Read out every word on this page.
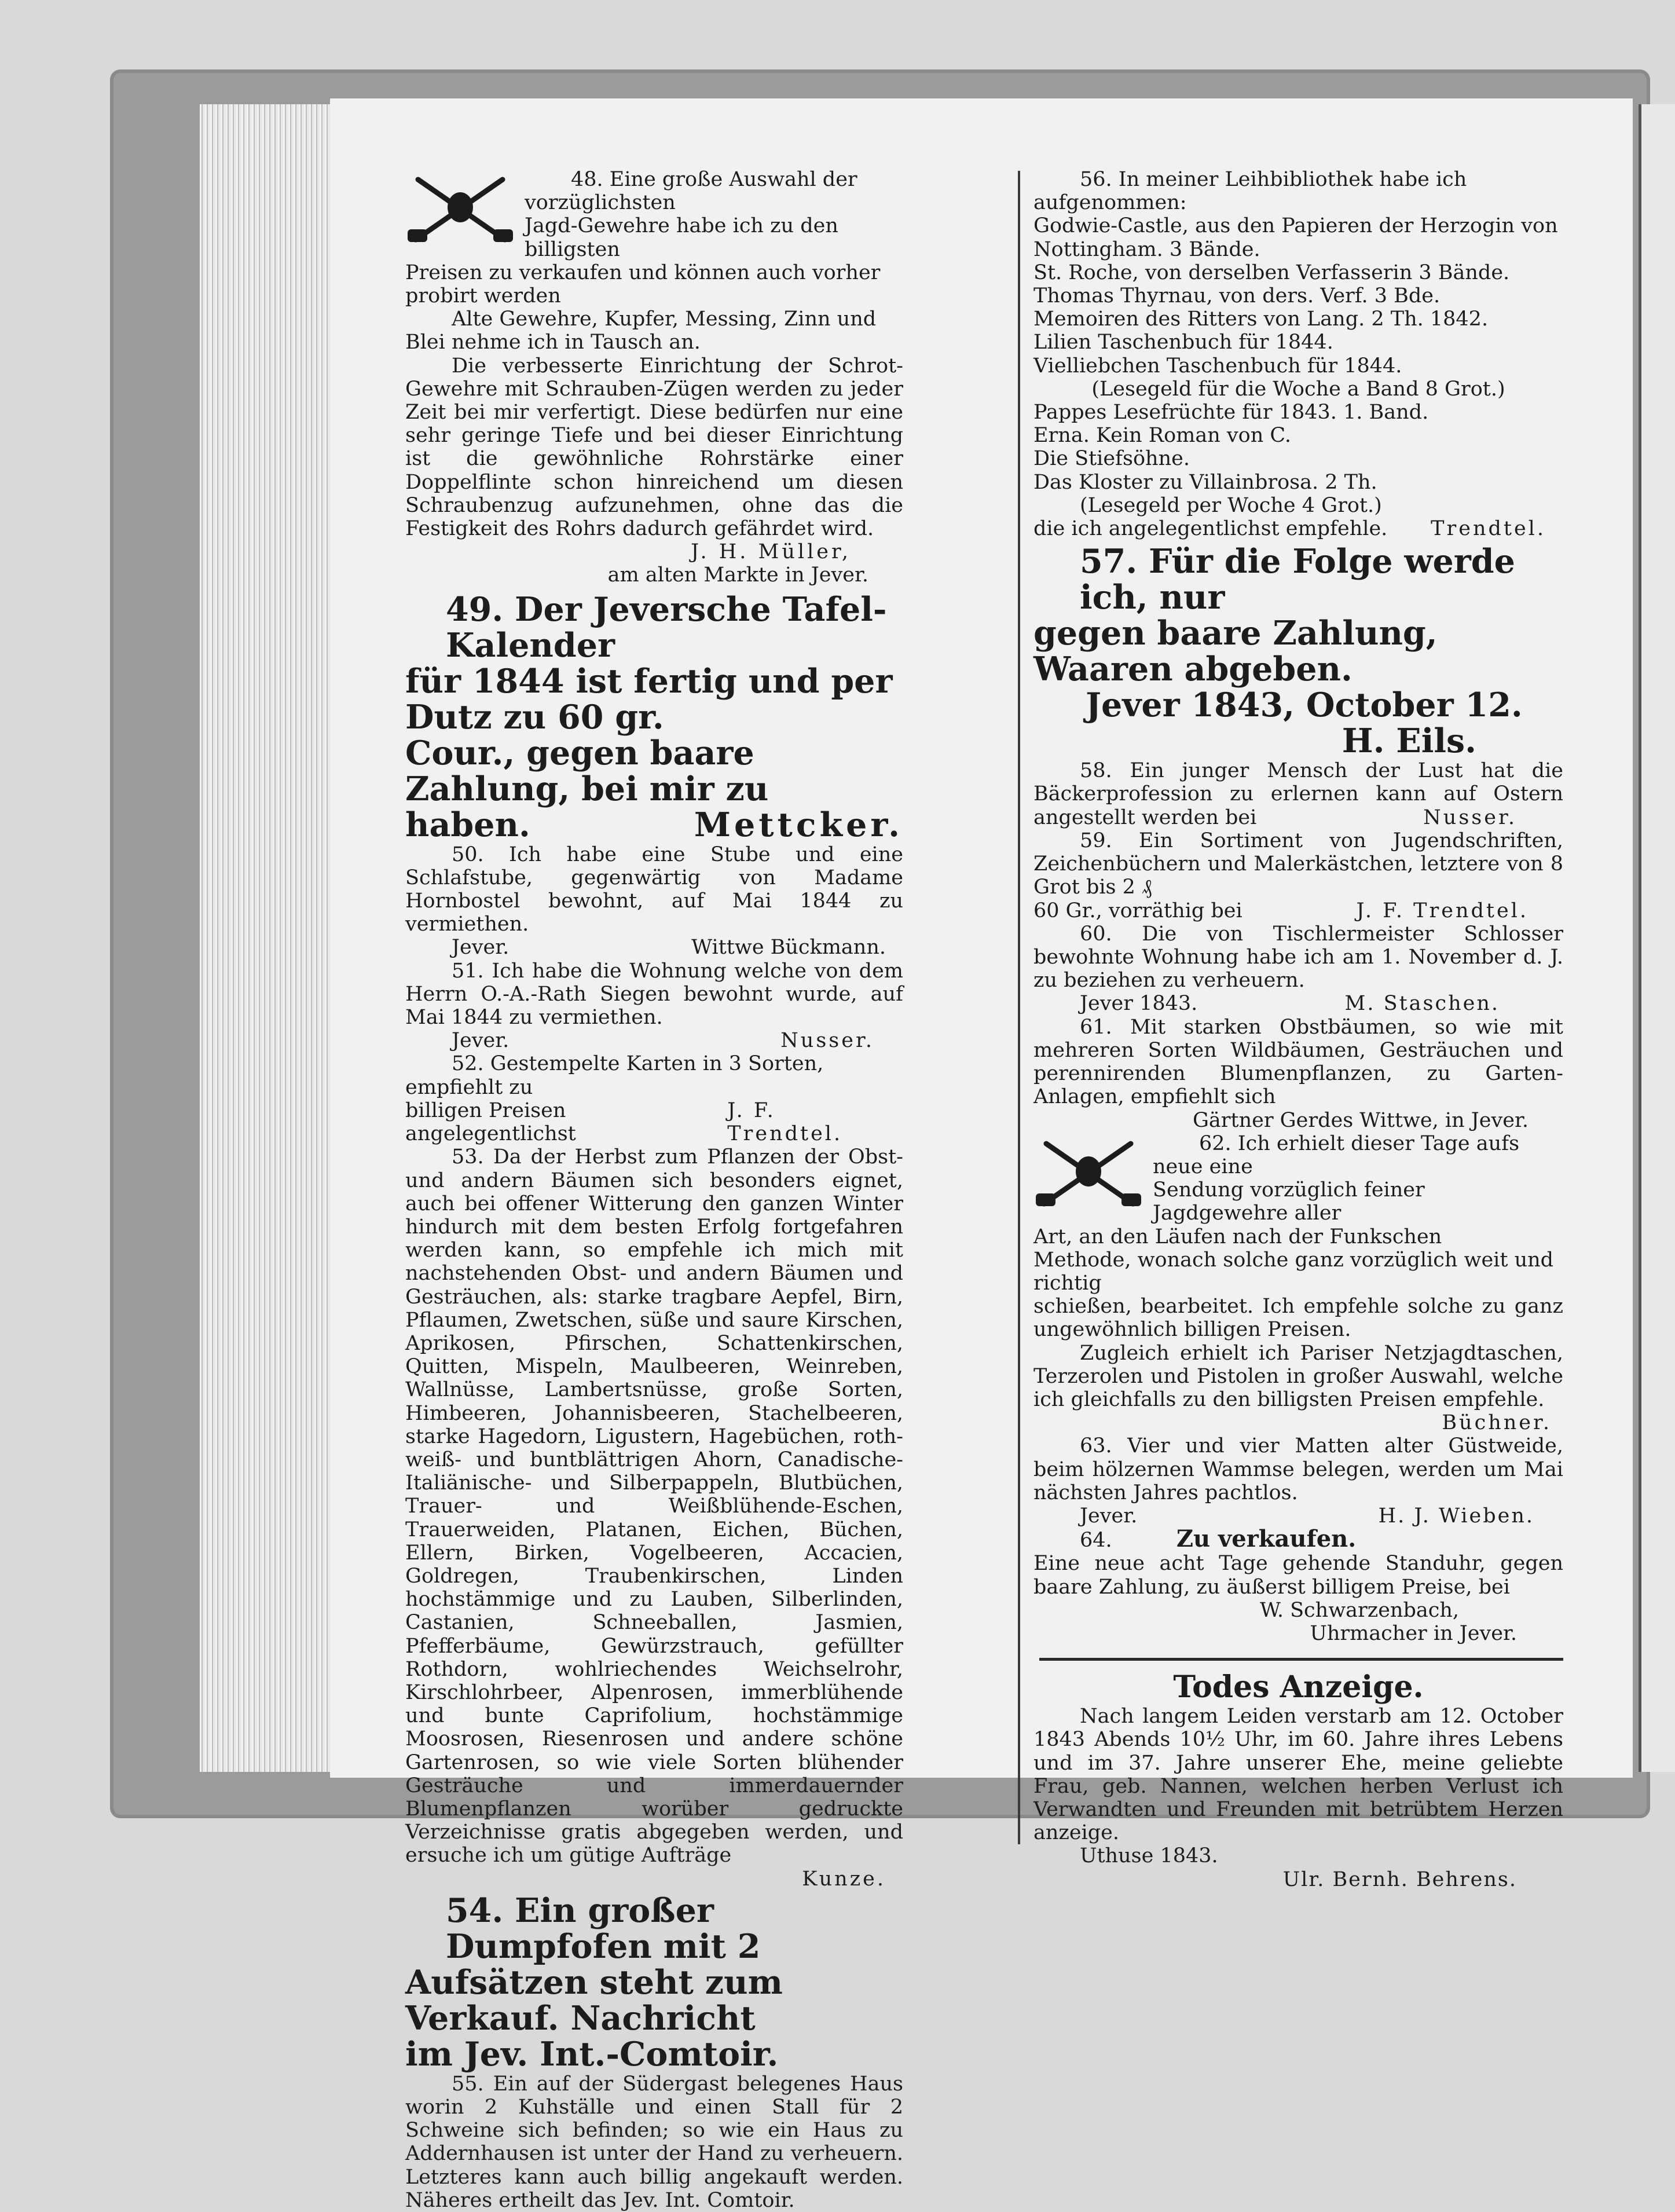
48. Eine große Auswahl der vorzüglichsten

Jagd-Gewehre habe ich zu den billigsten

Preisen zu verkaufen und können auch vorher

probirt werden

Alte Gewehre, Kupfer, Messing, Zinn und Blei nehme ich in Tausch an.

Die verbesserte Einrichtung der Schrot-Gewehre mit Schrauben-Zügen werden zu jeder Zeit bei mir verfertigt. Diese bedürfen nur eine sehr geringe Tiefe und bei dieser Einrichtung ist die gewöhnliche Rohrstärke einer Doppelflinte schon hinreichend um diesen Schraubenzug aufzunehmen, ohne das die Festigkeit des Rohrs dadurch gefährdet wird.

J. H. Müller,

am alten Markte in Jever.

49. Der Jeversche Tafel-Kalender

für 1844 ist fertig und per Dutz zu 60 gr.

Cour., gegen baare Zahlung, bei mir zu

haben.	Mettcker.

50. Ich habe eine Stube und eine Schlafstube, gegenwärtig von Madame Hornbostel bewohnt, auf Mai 1844 zu vermiethen.

Jever.	Wittwe Bückmann.

51. Ich habe die Wohnung welche von dem Herrn O.-A.-Rath Siegen bewohnt wurde, auf Mai 1844 zu vermiethen.

Jever.	Nusser.

52. Gestempelte Karten in 3 Sorten, empfiehlt zu

billigen Preisen angelegentlichst
J. F. Trendtel.

53. Da der Herbst zum Pflanzen der Obst- und andern Bäumen sich besonders eignet, auch bei offener Witterung den ganzen Winter hindurch mit dem besten Erfolg fortgefahren werden kann, so empfehle ich mich mit nachstehenden Obst- und andern Bäumen und Gesträuchen, als: starke tragbare Aepfel, Birn, Pflaumen, Zwetschen, süße und saure Kirschen, Aprikosen, Pfirschen, Schattenkirschen, Quitten, Mispeln, Maulbeeren, Weinreben, Wallnüsse, Lambertsnüsse, große Sorten, Himbeeren, Johannisbeeren, Stachelbeeren, starke Hagedorn, Ligustern, Hagebüchen, roth- weiß- und buntblättrigen Ahorn, Canadische- Italiänische- und Silberpappeln, Blutbüchen, Trauer- und Weißblühende-Eschen, Trauerweiden, Platanen, Eichen, Büchen, Ellern, Birken, Vogelbeeren, Accacien, Goldregen, Traubenkirschen, Linden hochstämmige und zu Lauben, Silberlinden, Castanien, Schneeballen, Jasmien, Pfefferbäume, Gewürzstrauch, gefüllter Rothdorn, wohlriechendes Weichselrohr, Kirschlohrbeer, Alpenrosen, immerblühende und bunte Caprifolium, hochstämmige Moosrosen, Riesenrosen und andere schöne Gartenrosen, so wie viele Sorten blühender Gesträuche und immerdauernder Blumenpflanzen worüber gedruckte Verzeichnisse gratis abgegeben werden, und ersuche ich um gütige Aufträge

Kunze.

54. Ein großer Dumpfofen mit 2

Aufsätzen steht zum Verkauf. Nachricht

im Jev. Int.-Comtoir.

55. Ein auf der Südergast belegenes Haus worin 2 Kuhställe und einen Stall für 2 Schweine sich befinden; so wie ein Haus zu Addernhausen ist unter der Hand zu verheuern. Letzteres kann auch billig angekauft werden. Näheres ertheilt das Jev. Int. Comtoir.

56. In meiner Leihbibliothek habe ich aufgenommen:

Godwie-Castle, aus den Papieren der Herzogin von

Nottingham. 3 Bände.

St. Roche, von derselben Verfasserin 3 Bände.

Thomas Thyrnau, von ders. Verf. 3 Bde.

Memoiren des Ritters von Lang. 2 Th. 1842.

Lilien Taschenbuch für 1844.

Vielliebchen Taschenbuch für 1844.

(Lesegeld für die Woche a Band 8 Grot.)

Pappes Lesefrüchte für 1843. 1. Band.

Erna. Kein Roman von C.

Die Stiefsöhne.

Das Kloster zu Villainbrosa. 2 Th.

(Lesegeld per Woche 4 Grot.)

die ich angelegentlichst empfehle. Trendtel.

57. Für die Folge werde ich, nur

gegen baare Zahlung, Waaren abgeben.

Jever 1843, October 12.

H. Eils.

58. Ein junger Mensch der Lust hat die Bäckerprofession zu erlernen kann auf Ostern angestellt werden bei	Nusser.

59. Ein Sortiment von Jugendschriften, Zeichenbüchern und Malerkästchen, letztere von 8 Grot bis 2 ₰

60 Gr., vorräthig bei	J. F. Trendtel.

60. Die von Tischlermeister Schlosser bewohnte Wohnung habe ich am 1. November d. J. zu beziehen zu verheuern.

Jever 1843.	M. Staschen.

61. Mit starken Obstbäumen, so wie mit mehreren Sorten Wildbäumen, Gesträuchen und perennirenden Blumenpflanzen, zu Garten-Anlagen, empfiehlt sich

Gärtner Gerdes Wittwe, in Jever.

62. Ich erhielt dieser Tage aufs neue eine

Sendung vorzüglich feiner Jagdgewehre aller

Art, an den Läufen nach der Funkschen

Methode, wonach solche ganz vorzüglich weit und richtig

schießen, bearbeitet. Ich empfehle solche zu ganz ungewöhnlich billigen Preisen.

Zugleich erhielt ich Pariser Netzjagdtaschen, Terzerolen und Pistolen in großer Auswahl, welche ich gleichfalls zu den billigsten Preisen empfehle.

Büchner.

63. Vier und vier Matten alter Güstweide, beim hölzernen Wammse belegen, werden um Mai nächsten Jahres pachtlos.

Jever.	H. J. Wieben.

64.	Zu verkaufen.

Eine neue acht Tage gehende Standuhr, gegen baare Zahlung, zu äußerst billigem Preise, bei

W. Schwarzenbach,

Uhrmacher in Jever.

Todes Anzeige.

Nach langem Leiden verstarb am 12. October 1843 Abends 10½ Uhr, im 60. Jahre ihres Lebens und im 37. Jahre unserer Ehe, meine geliebte Frau, geb. Nannen, welchen herben Verlust ich Verwandten und Freunden mit betrübtem Herzen anzeige.

Uthuse 1843.

Ulr. Bernh. Behrens.
